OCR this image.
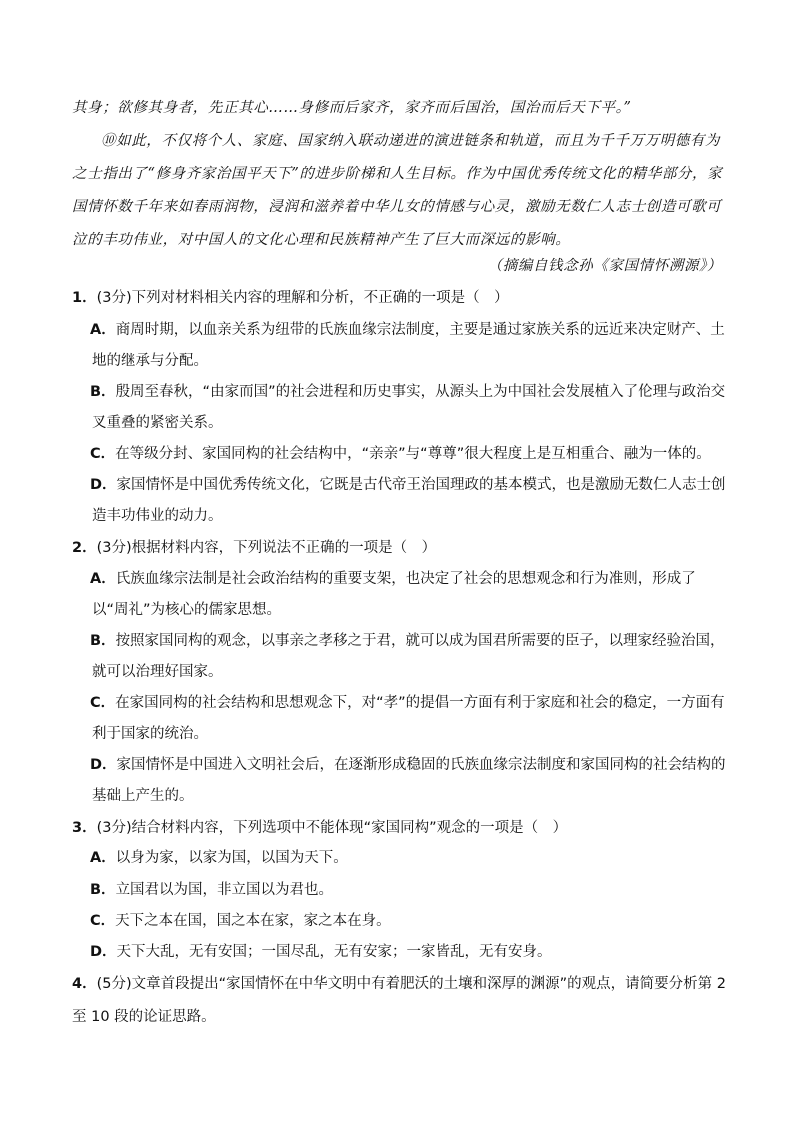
其身；欲修其身者，先正其心……身修而后家齐，家齐而后国治，国治而后天下平。”
⑩如此，不仅将个人、家庭、国家纳入联动递进的演进链条和轨道，而且为千千万万明德有为之士指出了“修身齐家治国平天下”的进步阶梯和人生目标。作为中国优秀传统文化的精华部分，家国情怀数千年来如春雨润物，浸润和滋养着中华儿女的情感与心灵，激励无数仁人志士创造可歌可泣的丰功伟业，对中国人的文化心理和民族精神产生了巨大而深远的影响。
（摘编自钱念孙《家国情怀溯源》）
1．(3分)下列对材料相关内容的理解和分析，不正确的一项是（　）
A．商周时期，以血亲关系为纽带的氏族血缘宗法制度，主要是通过家族关系的远近来决定财产、土地的继承与分配。
B．殷周至春秋，“由家而国”的社会进程和历史事实，从源头上为中国社会发展植入了伦理与政治交叉重叠的紧密关系。
C．在等级分封、家国同构的社会结构中，“亲亲”与“尊尊”很大程度上是互相重合、融为一体的。
D．家国情怀是中国优秀传统文化，它既是古代帝王治国理政的基本模式，也是激励无数仁人志士创造丰功伟业的动力。
2．(3分)根据材料内容，下列说法不正确的一项是（　）
A．氏族血缘宗法制是社会政治结构的重要支架，也决定了社会的思想观念和行为准则，形成了以“周礼”为核心的儒家思想。
B．按照家国同构的观念，以事亲之孝移之于君，就可以成为国君所需要的臣子，以理家经验治国，就可以治理好国家。
C．在家国同构的社会结构和思想观念下，对“孝”的提倡一方面有利于家庭和社会的稳定，一方面有利于国家的统治。
D．家国情怀是中国进入文明社会后，在逐渐形成稳固的氏族血缘宗法制度和家国同构的社会结构的基础上产生的。
3．(3分)结合材料内容，下列选项中不能体现“家国同构”观念的一项是（　）
A．以身为家，以家为国，以国为天下。
B．立国君以为国，非立国以为君也。
C．天下之本在国，国之本在家，家之本在身。
D．天下大乱，无有安国；一国尽乱，无有安家；一家皆乱，无有安身。
4．(5分)文章首段提出“家国情怀在中华文明中有着肥沃的土壤和深厚的渊源”的观点，请简要分析第 2 至 10 段的论证思路。
